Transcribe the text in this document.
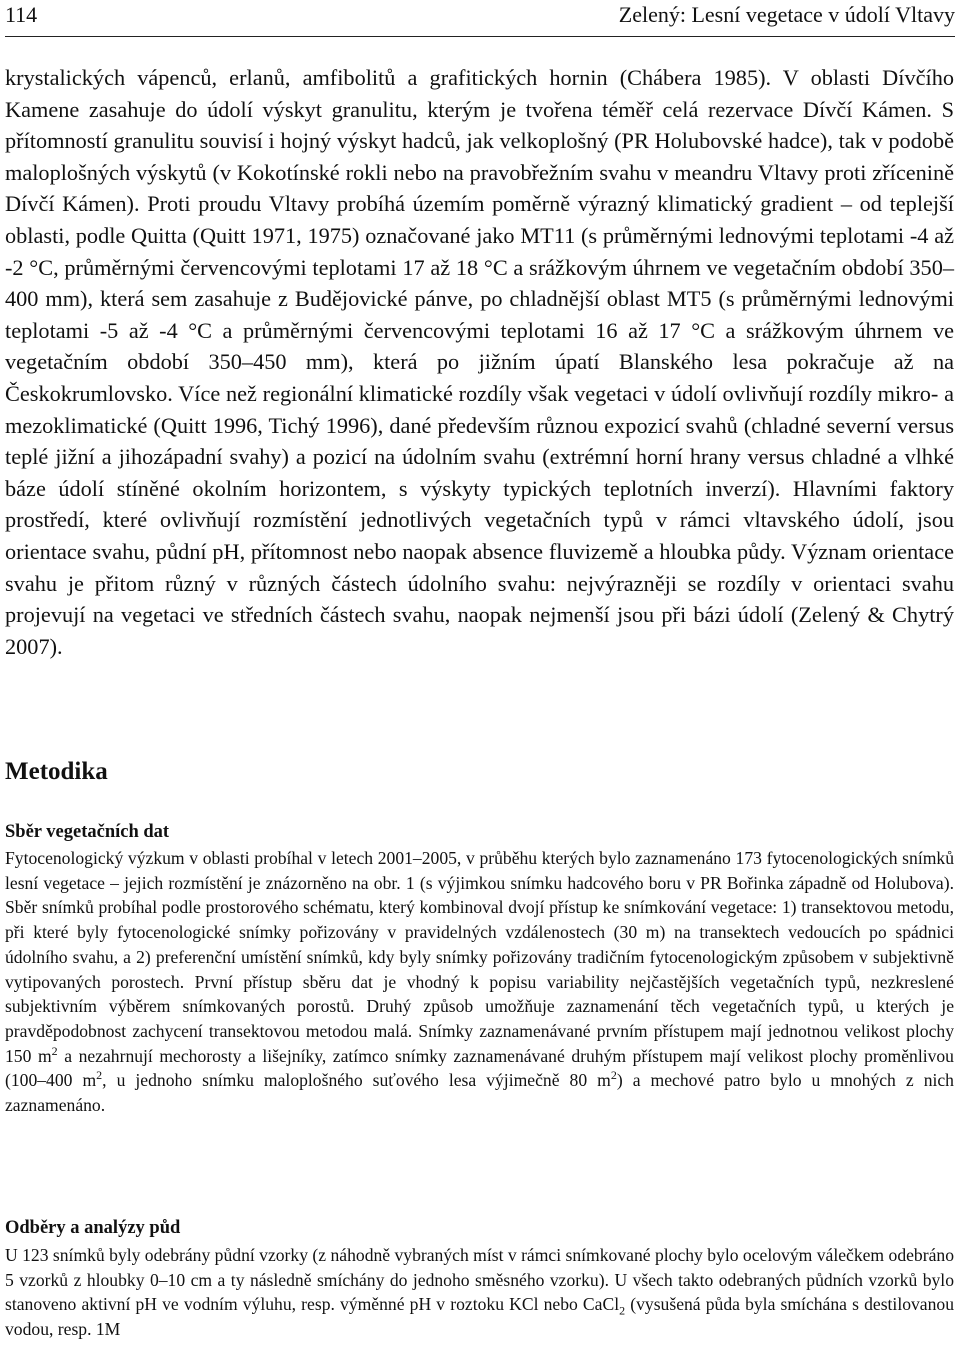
114	Zelený: Lesní vegetace v údolí Vltavy

krystalických vápenců, erlanů, amfibolitů a grafitických hornin (Chábera 1985). V oblasti Dívčího Kamene zasahuje do údolí výskyt granulitu, kterým je tvořena téměř celá rezervace Dívčí Kámen. S přítomností granulitu souvisí i hojný výskyt hadců, jak velkoplošný (PR Holubovské hadce), tak v podobě maloplošných výskytů (v Kokotínské rokli nebo na pravobřežním svahu v meandru Vltavy proti zřícenině Dívčí Kámen). Proti proudu Vltavy probíhá územím poměrně výrazný klimatický gradient – od teplejší oblasti, podle Quitta (Quitt 1971, 1975) označované jako MT11 (s průměrnými lednovými teplotami -4 až -2 °C, průměrnými červencovými teplotami 17 až 18 °C a srážkovým úhrnem ve vegetačním období 350–400 mm), která sem zasahuje z Budějovické pánve, po chladnější oblast MT5 (s průměrnými lednovými teplotami -5 až -4 °C a průměrnými červencovými teplotami 16 až 17 °C a srážkovým úhrnem ve vegetačním období 350–450 mm), která po jižním úpatí Blanského lesa pokračuje až na Českokrumlovsko. Více než regionální klimatické rozdíly však vegetaci v údolí ovlivňují rozdíly mikro- a mezoklimatické (Quitt 1996, Tichý 1996), dané především různou expozicí svahů (chladné severní versus teplé jižní a jihozápadní svahy) a pozicí na údolním svahu (extrémní horní hrany versus chladné a vlhké báze údolí stíněné okolním horizontem, s výskyty typických teplotních inverzí). Hlavními faktory prostředí, které ovlivňují rozmístění jednotlivých vegetačních typů v rámci vltavského údolí, jsou orientace svahu, půdní pH, přítomnost nebo naopak absence fluvizemě a hloubka půdy. Význam orientace svahu je přitom různý v různých částech údolního svahu: nejvýrazněji se rozdíly v orientaci svahu projevují na vegetaci ve středních částech svahu, naopak nejmenší jsou při bázi údolí (Zelený & Chytrý 2007).

Metodika
Sběr vegetačních dat

Fytocenologický výzkum v oblasti probíhal v letech 2001–2005, v průběhu kterých bylo zaznamenáno 173 fytocenologických snímků lesní vegetace – jejich rozmístění je znázorněno na obr. 1 (s výjimkou snímku hadcového boru v PR Bořinka západně od Holubova). Sběr snímků probíhal podle prostorového schématu, který kombinoval dvojí přístup ke snímkování vegetace: 1) transektovou metodu, při které byly fytocenologické snímky pořizovány v pravidelných vzdálenostech (30 m) na transektech vedoucích po spádnici údolního svahu, a 2) preferenční umístění snímků, kdy byly snímky pořizovány tradičním fytocenologickým způsobem v subjektivně vytipovaných porostech. První přístup sběru dat je vhodný k popisu variability nejčastějších vegetačních typů, nezkreslené subjektivním výběrem snímkovaných porostů. Druhý způsob umožňuje zaznamenání těch vegetačních typů, u kterých je pravděpodobnost zachycení transektovou metodou malá. Snímky zaznamenávané prvním přístupem mají jednotnou velikost plochy 150 $m^2$ a nezahrnují mechorosty a lišejníky, zatímco snímky zaznamenávané druhým přístupem mají velikost plochy proměnlivou (100–400 $m^2$, u jednoho snímku maloplošného suťového lesa výjimečně 80 $m^2$) a mechové patro bylo u mnohých z nich zaznamenáno.

Odběry a analýzy půd

U 123 snímků byly odebrány půdní vzorky (z náhodně vybraných míst v rámci snímkované plochy bylo ocelovým válečkem odebráno 5 vzorků z hloubky 0–10 cm a ty následně smíchány do jednoho směsného vzorku). U všech takto odebraných půdních vzorků bylo stanoveno aktivní pH ve vodním výluhu, resp. výměnné pH v roztoku KCl nebo CaCl$_2$ (vysušená půda byla smíchána s destilovanou vodou, resp. 1M
